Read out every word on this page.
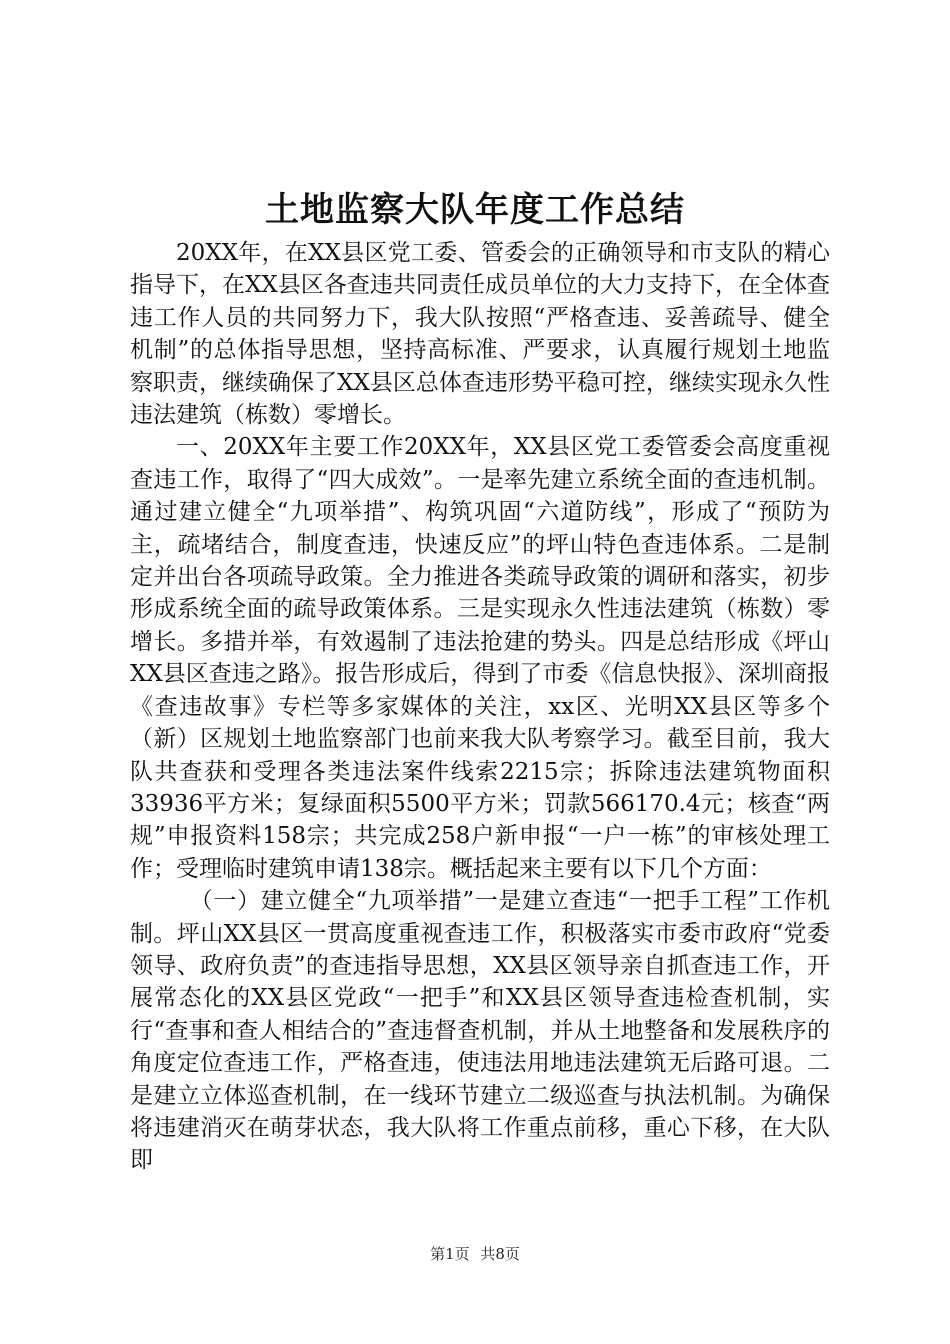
土地监察大队年度工作总结

20XX年，在XX县区党工委、管委会的正确领导和市支队的精心指导下，在XX县区各查违共同责任成员单位的大力支持下，在全体查违工作人员的共同努力下，我大队按照“严格查违、妥善疏导、健全机制”的总体指导思想，坚持高标准、严要求，认真履行规划土地监察职责，继续确保了XX县区总体查违形势平稳可控，继续实现永久性违法建筑（栋数）零增长。

一、20XX年主要工作20XX年，XX县区党工委管委会高度重视查违工作，取得了“四大成效”。一是率先建立系统全面的查违机制。通过建立健全“九项举措”、构筑巩固“六道防线”，形成了“预防为主，疏堵结合，制度查违，快速反应”的坪山特色查违体系。二是制定并出台各项疏导政策。全力推进各类疏导政策的调研和落实，初步形成系统全面的疏导政策体系。三是实现永久性违法建筑（栋数）零增长。多措并举，有效遏制了违法抢建的势头。四是总结形成《坪山XX县区查违之路》。报告形成后，得到了市委《信息快报》、深圳商报《查违故事》专栏等多家媒体的关注，xx区、光明XX县区等多个（新）区规划土地监察部门也前来我大队考察学习。截至目前，我大队共查获和受理各类违法案件线索2215宗；拆除违法建筑物面积33936平方米；复绿面积5500平方米；罚款566170.4元；核查“两规”申报资料158宗；共完成258户新申报“一户一栋”的审核处理工作；受理临时建筑申请138宗。概括起来主要有以下几个方面：

（一）建立健全“九项举措”一是建立查违“一把手工程”工作机制。坪山XX县区一贯高度重视查违工作，积极落实市委市政府“党委领导、政府负责”的查违指导思想，XX县区领导亲自抓查违工作，开展常态化的XX县区党政“一把手”和XX县区领导查违检查机制，实行“查事和查人相结合的”查违督查机制，并从土地整备和发展秩序的角度定位查违工作，严格查违，使违法用地违法建筑无后路可退。二是建立立体巡查机制，在一线环节建立二级巡查与执法机制。为确保将违建消灭在萌芽状态，我大队将工作重点前移，重心下移，在大队即

第1页 共8页
